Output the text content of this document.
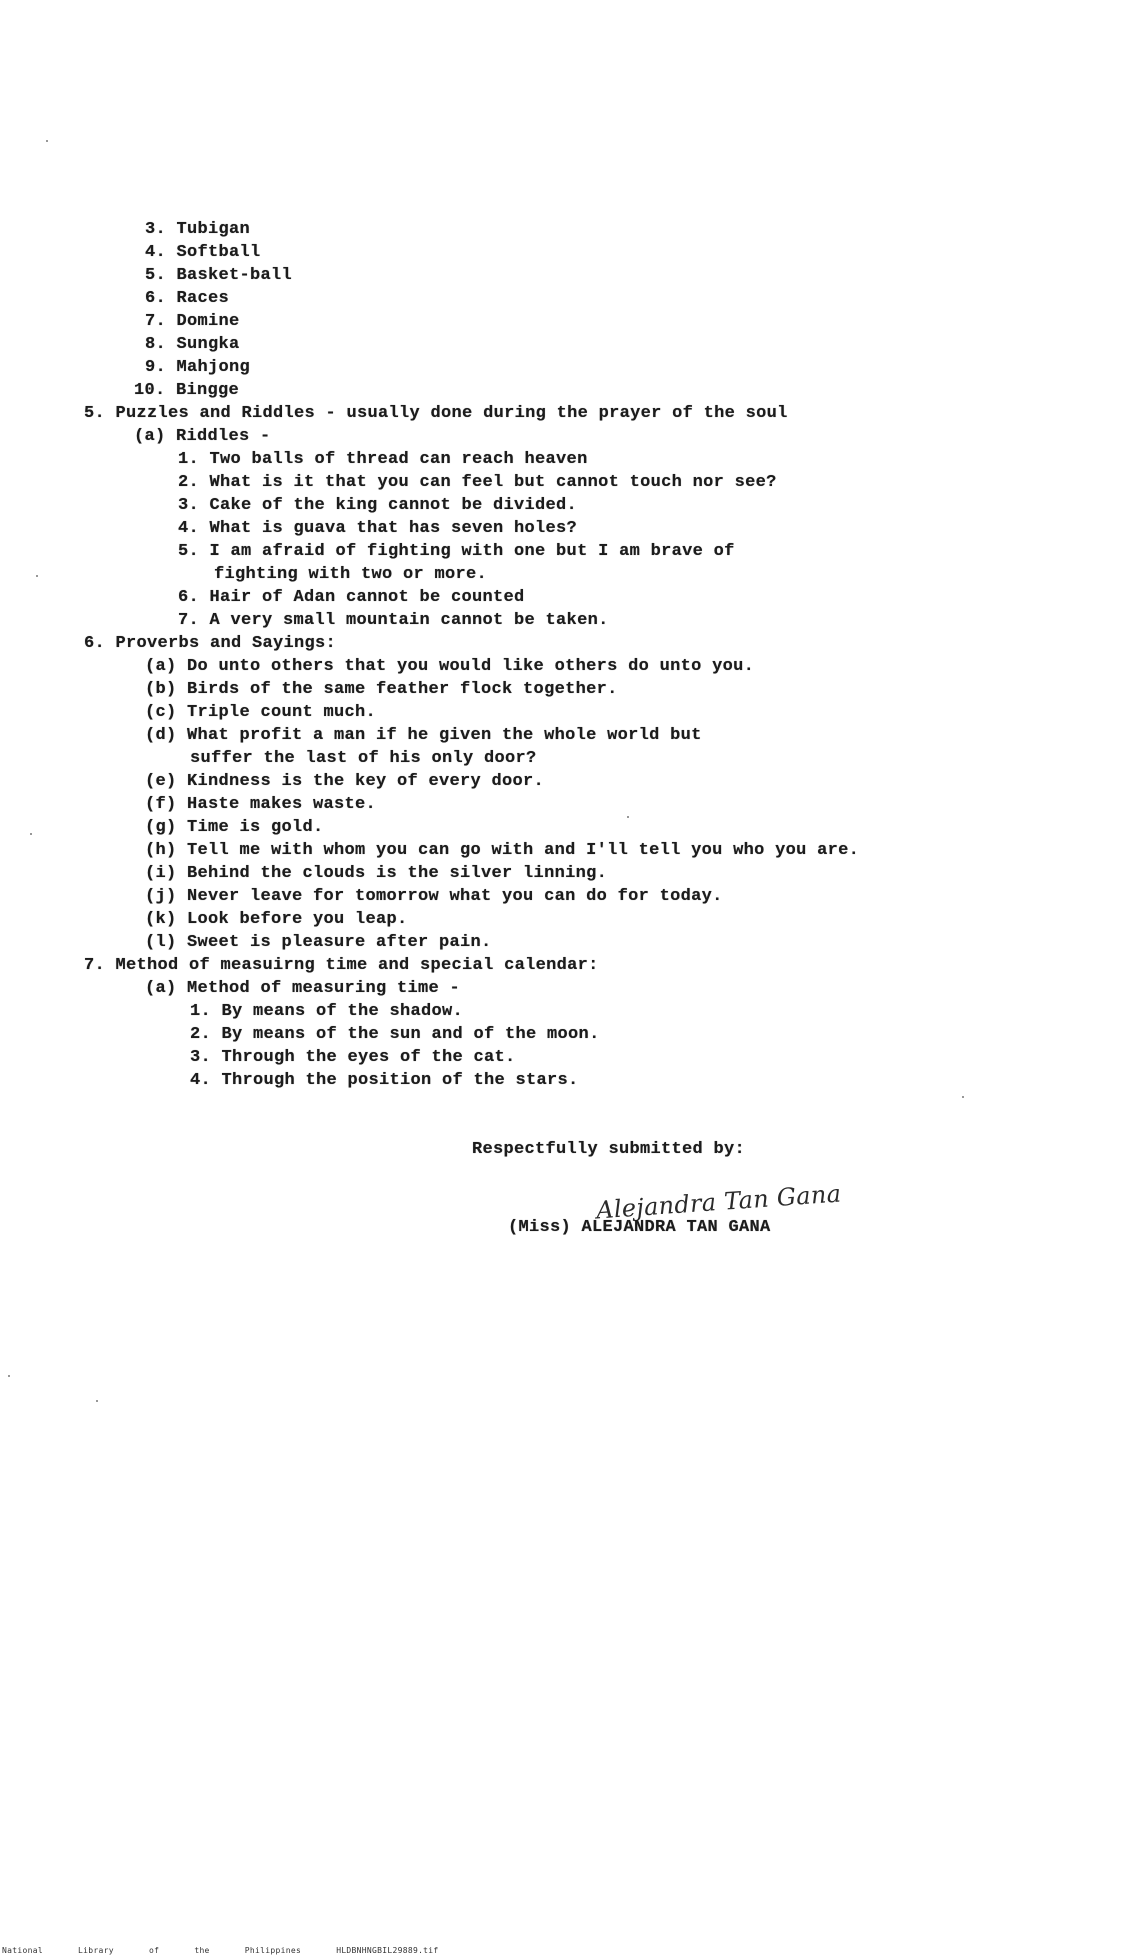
3. Tubigan
4. Softball
5. Basket-ball
6. Races
7. Domine
8. Sungka
9. Mahjong
10. Bingge
5. Puzzles and Riddles - usually done during the prayer of the soul
(a) Riddles -
1. Two balls of thread can reach heaven
2. What is it that you can feel but cannot touch nor see?
3. Cake of the king cannot be divided.
4. What is guava that has seven holes?
5. I am afraid of fighting with one but I am brave of
fighting with two or more.
6. Hair of Adan cannot be counted
7. A very small mountain cannot be taken.
6. Proverbs and Sayings:
(a) Do unto others that you would like others do unto you.
(b) Birds of the same feather flock together.
(c) Triple count much.
(d) What profit a man if he given the whole world but
suffer the last of his only door?
(e) Kindness is the key of every door.
(f) Haste makes waste.
(g) Time is gold.
(h) Tell me with whom you can go with and I'll tell you who you are.
(i) Behind the clouds is the silver linning.
(j) Never leave for tomorrow what you can do for today.
(k) Look before you leap.
(l) Sweet is pleasure after pain.
7. Method of measuirng time and special calendar:
(a) Method of measuring time -
1. By means of the shadow.
2. By means of the sun and of the moon.
3. Through the eyes of the cat.
4. Through the position of the stars.
Respectfully submitted by:
Alejandra Tan Gana
(Miss) ALEJANDRA TAN GANA
National Library of the Philippines	HLDBNHNGBIL29889.tif
